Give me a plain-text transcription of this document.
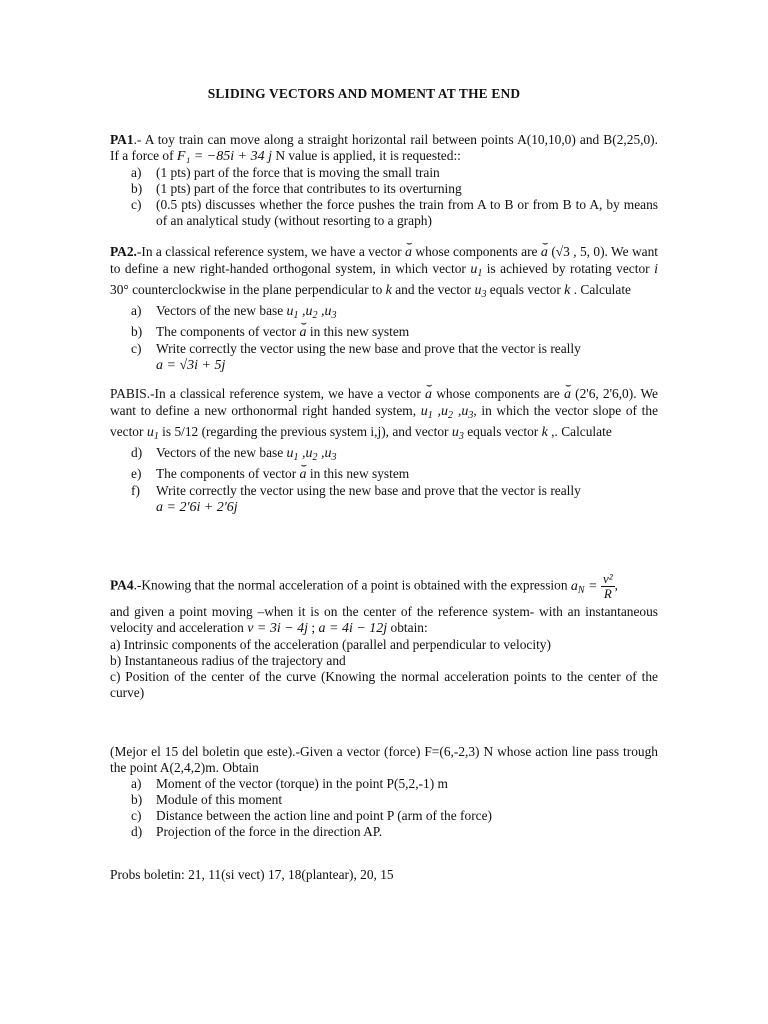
SLIDING VECTORS AND MOMENT AT THE END

PA1.- A toy train can move along a straight horizontal rail between points A(10,10,0) and B(2,25,0). If a force of F₁ = −85i + 34 j N value is applied, it is requested::

a) (1 pts) part of the force that is moving the small train
b) (1 pts) part of the force that contributes to its overturning
c) (0.5 pts) discusses whether the force pushes the train from A to B or from B to A, by means of an analytical study (without resorting to a graph)

PA2.-In a classical reference system, we have a vector ⌣ a whose components are ⌣ a (√3 , 5, 0). We want to define a new right-handed orthogonal system, in which vector $u_1$ is achieved by rotating vector i 30° counterclockwise in the plane perpendicular to k and the vector $u_3$ equals vector k . Calculate

a) Vectors of the new base $u_1$ $,u_2$ $,u_3$
b) The components of vector ⌣ a in this new system
c) Write correctly the vector using the new base and prove that the vector is really
a = √3i + 5j

PABIS.-In a classical reference system, we have a vector ⌣ a whose components are ⌣ a (2'6, 2'6,0). We want to define a new orthonormal right handed system, $u_1$ $,u_2$ $,u_3$, in which the vector slope of the vector $u_1$ is 5/12 (regarding the previous system i,j), and vector $u_3$ equals vector k ,. Calculate

d) Vectors of the new base $u_1$ $,u_2$ $,u_3$
e) The components of vector ⌣ a in this new system
f) Write correctly the vector using the new base and prove that the vector is really
a = 2'6i + 2'6j

PA4.-Knowing that the normal acceleration of a point is obtained with the expression $a_N = \frac{\text{v²}}{R}$ ,

and given a point moving –when it is on the center of the reference system- with an instantaneous velocity and acceleration v = 3i − 4j ; a = 4i − 12j obtain:

a) Intrinsic components of the acceleration (parallel and perpendicular to velocity)
b) Instantaneous radius of the trajectory and
c) Position of the center of the curve (Knowing the normal acceleration points to the center of the curve)

(Mejor el 15 del boletin que este).-Given a vector (force) F=(6,-2,3) N whose action line pass trough the point A(2,4,2)m. Obtain

a) Moment of the vector (torque) in the point P(5,2,-1) m
b) Module of this moment
c) Distance between the action line and point P (arm of the force)
d) Projection of the force in the direction AP.
Probs boletin: 21, 11(si vect) 17, 18(plantear), 20, 15
